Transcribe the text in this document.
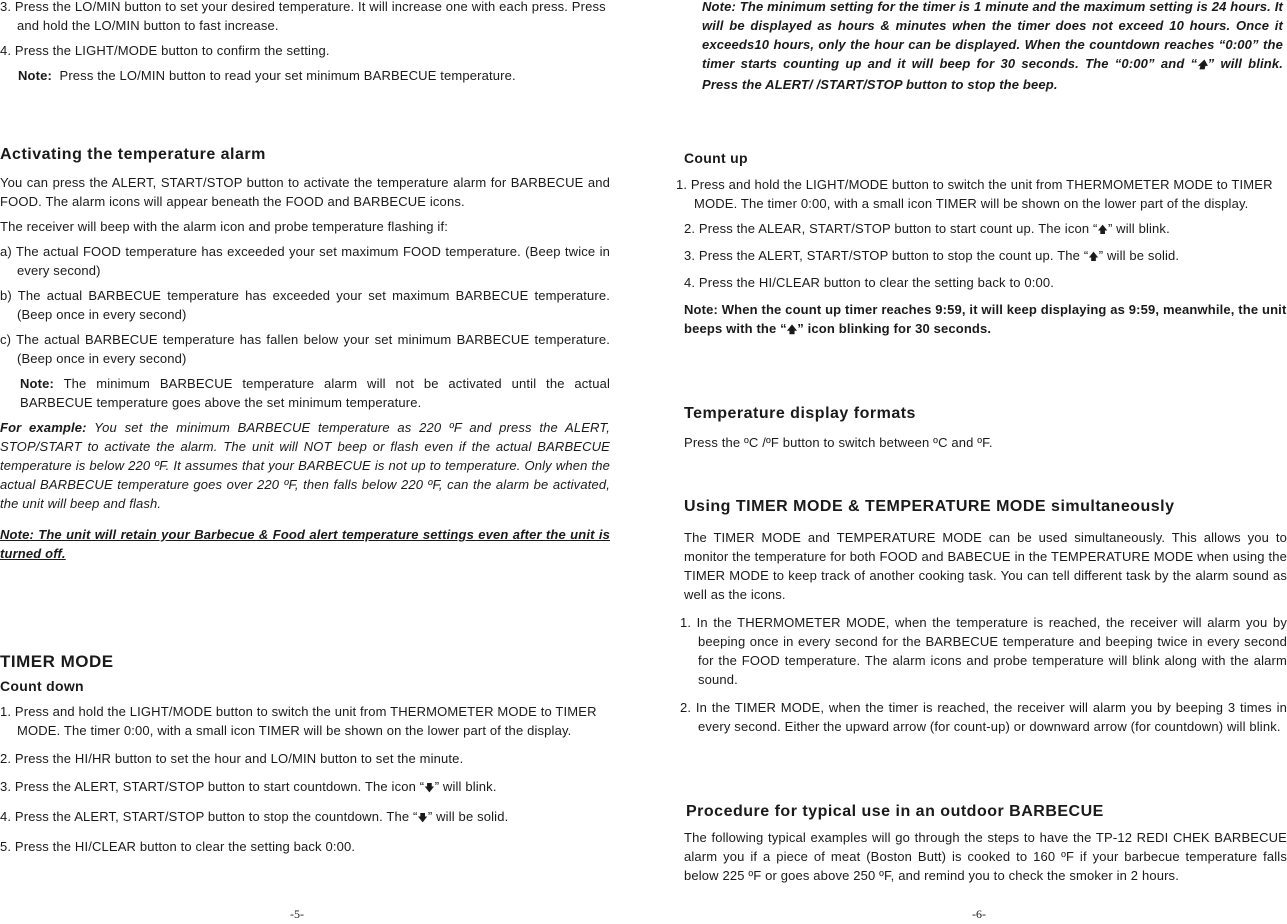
3. Press the LO/MIN button to set your desired temperature. It will increase one with each press. Press and hold the LO/MIN button to fast increase.

4. Press the LIGHT/MODE button to confirm the setting.

Note: Press the LO/MIN button to read your set minimum BARBECUE temperature.

Activating the temperature alarm

You can press the ALERT, START/STOP button to activate the temperature alarm for BARBECUE and FOOD. The alarm icons will appear beneath the FOOD and BARBECUE icons.

The receiver will beep with the alarm icon and probe temperature flashing if:

a) The actual FOOD temperature has exceeded your set maximum FOOD temperature. (Beep twice in every second)

b) The actual BARBECUE temperature has exceeded your set maximum BARBECUE temperature. (Beep once in every second)

c) The actual BARBECUE temperature has fallen below your set minimum BARBECUE temperature. (Beep once in every second)

Note: The minimum BARBECUE temperature alarm will not be activated until the actual BARBECUE temperature goes above the set minimum temperature.

For example: You set the minimum BARBECUE temperature as 220 ºF and press the ALERT, STOP/START to activate the alarm. The unit will NOT beep or flash even if the actual BARBECUE temperature is below 220 ºF. It assumes that your BARBECUE is not up to temperature. Only when the actual BARBECUE temperature goes over 220 ºF, then falls below 220 ºF, can the alarm be activated, the unit will beep and flash.

Note: The unit will retain your Barbecue & Food alert temperature settings even after the unit is turned off.

TIMER MODE
Count down

1. Press and hold the LIGHT/MODE button to switch the unit from THERMOMETER MODE to TIMER MODE. The timer 0:00, with a small icon TIMER will be shown on the lower part of the display.

2. Press the HI/HR button to set the hour and LO/MIN button to set the minute.

3. Press the ALERT, START/STOP button to start countdown. The icon “🡇” will blink.

4. Press the ALERT, START/STOP button to stop the countdown. The “🡇” will be solid.

5. Press the HI/CLEAR button to clear the setting back 0:00.

-5-

Note: The minimum setting for the timer is 1 minute and the maximum setting is 24 hours. It will be displayed as hours & minutes when the timer does not exceed 10 hours. Once it exceeds10 hours, only the hour can be displayed. When the countdown reaches “0:00” the timer starts counting up and it will beep for 30 seconds. The “0:00” and “🡅” will blink. Press the ALERT/ /START/STOP button to stop the beep.

Count up

1. Press and hold the LIGHT/MODE button to switch the unit from THERMOMETER MODE to TIMER MODE. The timer 0:00, with a small icon TIMER will be shown on the lower part of the display.

2. Press the ALEAR, START/STOP button to start count up. The icon “🡅” will blink.

3. Press the ALERT, START/STOP button to stop the count up. The “🡅” will be solid.

4. Press the HI/CLEAR button to clear the setting back to 0:00.

Note: When the count up timer reaches 9:59, it will keep displaying as 9:59, meanwhile, the unit beeps with the “🡅” icon blinking for 30 seconds.

Temperature display formats

Press the ºC /ºF button to switch between ºC and ºF.

Using TIMER MODE & TEMPERATURE MODE simultaneously

The TIMER MODE and TEMPERATURE MODE can be used simultaneously. This allows you to monitor the temperature for both FOOD and BABECUE in the TEMPERATURE MODE when using the TIMER MODE to keep track of another cooking task. You can tell different task by the alarm sound as well as the icons.

1. In the THERMOMETER MODE, when the temperature is reached, the receiver will alarm you by beeping once in every second for the BARBECUE temperature and beeping twice in every second for the FOOD temperature. The alarm icons and probe temperature will blink along with the alarm sound.

2. In the TIMER MODE, when the timer is reached, the receiver will alarm you by beeping 3 times in every second. Either the upward arrow (for count-up) or downward arrow (for countdown) will blink.

Procedure for typical use in an outdoor BARBECUE

The following typical examples will go through the steps to have the TP-12 REDI CHEK BARBECUE alarm you if a piece of meat (Boston Butt) is cooked to 160 ºF if your barbecue temperature falls below 225 ºF or goes above 250 ºF, and remind you to check the smoker in 2 hours.

-6-
